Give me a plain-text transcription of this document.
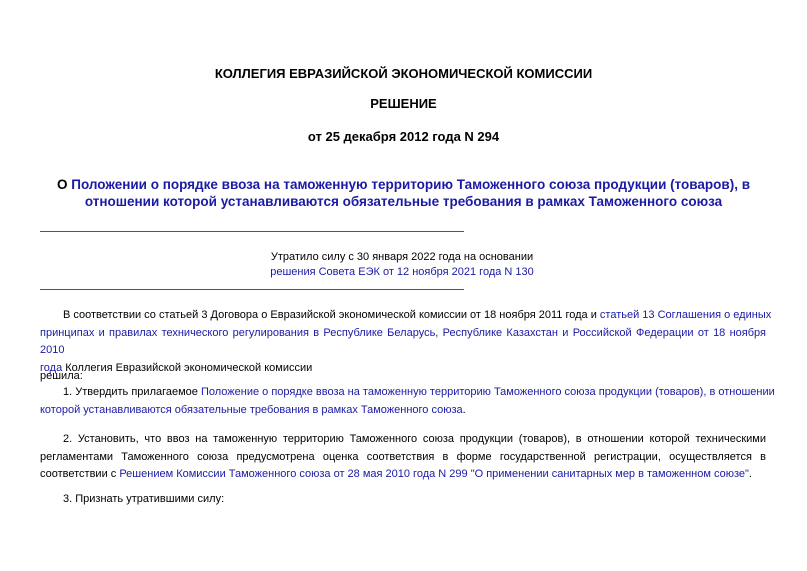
КОЛЛЕГИЯ ЕВРАЗИЙСКОЙ ЭКОНОМИЧЕСКОЙ КОМИССИИ
РЕШЕНИЕ
от 25 декабря 2012 года N 294
О Положении о порядке ввоза на таможенную территорию Таможенного союза продукции (товаров), в
отношении которой устанавливаются обязательные требования в рамках Таможенного союза
Утратило силу с 30 января 2022 года на основании
решения Совета ЕЭК от 12 ноября 2021 года N 130
В соответствии со статьей 3 Договора о Евразийской экономической комиссии от 18 ноября 2011 года и статьей 13 Соглашения о единых
принципах и правилах технического регулирования в Республике Беларусь, Республике Казахстан и Российской Федерации от 18 ноября 2010
года Коллегия Евразийской экономической комиссии
решила:
1. Утвердить прилагаемое Положение о порядке ввоза на таможенную территорию Таможенного союза продукции (товаров), в отношении
которой устанавливаются обязательные требования в рамках Таможенного союза.
2. Установить, что ввоз на таможенную территорию Таможенного союза продукции (товаров), в отношении которой техническими
регламентами Таможенного союза предусмотрена оценка соответствия в форме государственной регистрации, осуществляется в
соответствии с Решением Комиссии Таможенного союза от 28 мая 2010 года N 299 "О применении санитарных мер в таможенном союзе".
3. Признать утратившими силу:
